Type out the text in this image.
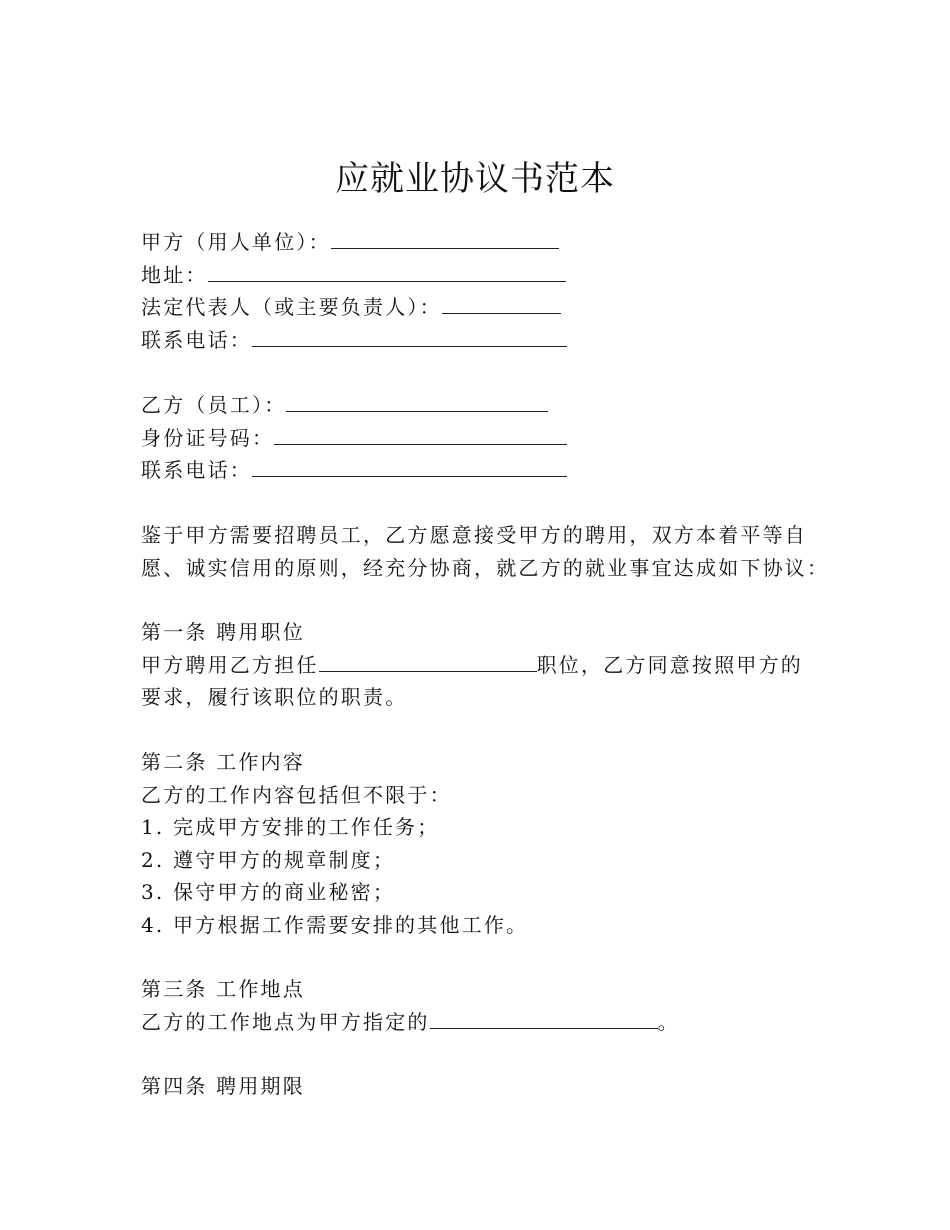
应就业协议书范本
甲方（用人单位）：
地址：
法定代表人（或主要负责人）：
联系电话：
乙方（员工）：
身份证号码：
联系电话：
鉴于甲方需要招聘员工，乙方愿意接受甲方的聘用，双方本着平等自
愿、诚实信用的原则，经充分协商，就乙方的就业事宜达成如下协议：
第一条 聘用职位
甲方聘用乙方担任	职位，乙方同意按照甲方的
要求，履行该职位的职责。
第二条 工作内容
乙方的工作内容包括但不限于：
1. 完成甲方安排的工作任务；
2. 遵守甲方的规章制度；
3. 保守甲方的商业秘密；
4. 甲方根据工作需要安排的其他工作。
第三条 工作地点
乙方的工作地点为甲方指定的	。
第四条 聘用期限
